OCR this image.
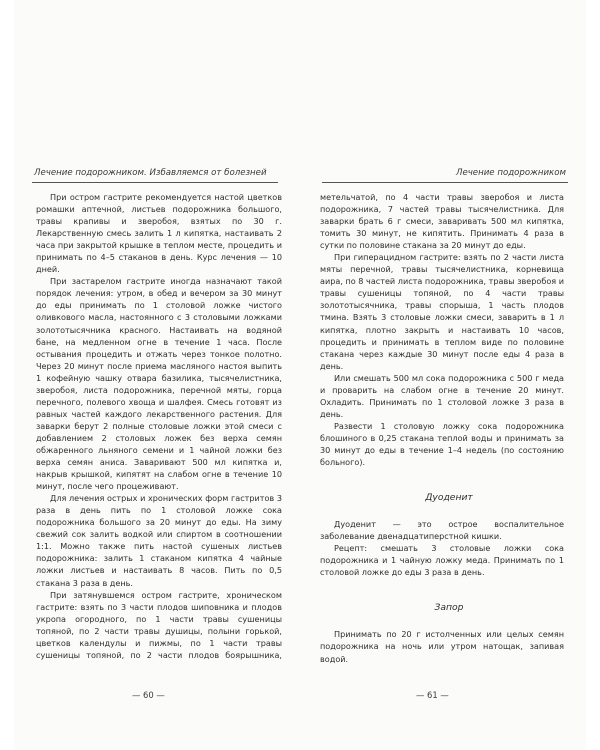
Лечение подорожником. Избавляемся от болезней

При остром гастрите рекомендуется настой цветков ромашки аптечной, листьев подорожника большого, травы крапивы и зверобоя, взятых по 30 г. Лекарственную смесь залить 1 л кипятка, настаивать 2 часа при закрытой крышке в теплом месте, процедить и принимать по 4–5 стаканов в день. Курс лечения — 10 дней.

При застарелом гастрите иногда назначают такой порядок лечения: утром, в обед и вечером за 30 минут до еды принимать по 1 столовой ложке чистого оливкового масла, настоянного с 3 столовыми ложками золототысячника красного. Настаивать на водяной бане, на медленном огне в течение 1 часа. После остывания процедить и отжать через тонкое полотно. Через 20 минут после приема масляного настоя выпить 1 кофейную чашку отвара базилика, тысячелистника, зверобоя, листа подорожника, перечной мяты, горца перечного, полевого хвоща и шалфея. Смесь готовят из равных частей каждого лекарственного растения. Для заварки берут 2 полные столовые ложки этой смеси с добавлением 2 столовых ложек без верха семян обжаренного льняного семени и 1 чайной ложки без верха семян аниса. Заваривают 500 мл кипятка и, накрыв крышкой, кипятят на слабом огне в течение 10 минут, после чего процеживают.

Для лечения острых и хронических форм гастритов 3 раза в день пить по 1 столовой ложке сока подорожника большого за 20 минут до еды. На зиму свежий сок залить водкой или спиртом в соотношении 1:1. Можно также пить настой сушеных листьев подорожника: залить 1 стаканом кипятка 4 чайные ложки листьев и настаивать 8 часов. Пить по 0,5 стакана 3 раза в день.

При затянувшемся остром гастрите, хроническом гастрите: взять по 3 части плодов шиповника и плодов укропа огородного, по 1 части травы сушеницы топяной, по 2 части травы душицы, полыни горькой, цветков календулы и пижмы, по 1 части травы сушеницы топяной, по 2 части плодов боярышника,

— 60 —
Лечение подорожником

метельчатой, по 4 части травы зверобоя и листа подорожника, 7 частей травы тысячелистника. Для заварки брать 6 г смеси, заваривать 500 мл кипятка, томить 30 минут, не кипятить. Принимать 4 раза в сутки по половине стакана за 20 минут до еды.

При гиперацидном гастрите: взять по 2 части листа мяты перечной, травы тысячелистника, корневища аира, по 8 частей листа подорожника, травы зверобоя и травы сушеницы топяной, по 4 части травы золототысячника, травы спорыша, 1 часть плодов тмина. Взять 3 столовые ложки смеси, заварить в 1 л кипятка, плотно закрыть и настаивать 10 часов, процедить и принимать в теплом виде по половине стакана через каждые 30 минут после еды 4 раза в день.

Или смешать 500 мл сока подорожника с 500 г меда и проварить на слабом огне в течение 20 минут. Охладить. Принимать по 1 столовой ложке 3 раза в день.

Развести 1 столовую ложку сока подорожника блошиного в 0,25 стакана теплой воды и принимать за 30 минут до еды в течение 1–4 недель (по состоянию больного).

Дуоденит

Дуоденит — это острое воспалительное заболевание двенадцатиперстной кишки.

Рецепт: смешать 3 столовые ложки сока подорожника и 1 чайную ложку меда. Принимать по 1 столовой ложке до еды 3 раза в день.

Запор

Принимать по 20 г истолченных или целых семян подорожника на ночь или утром натощак, запивая водой.

— 61 —
